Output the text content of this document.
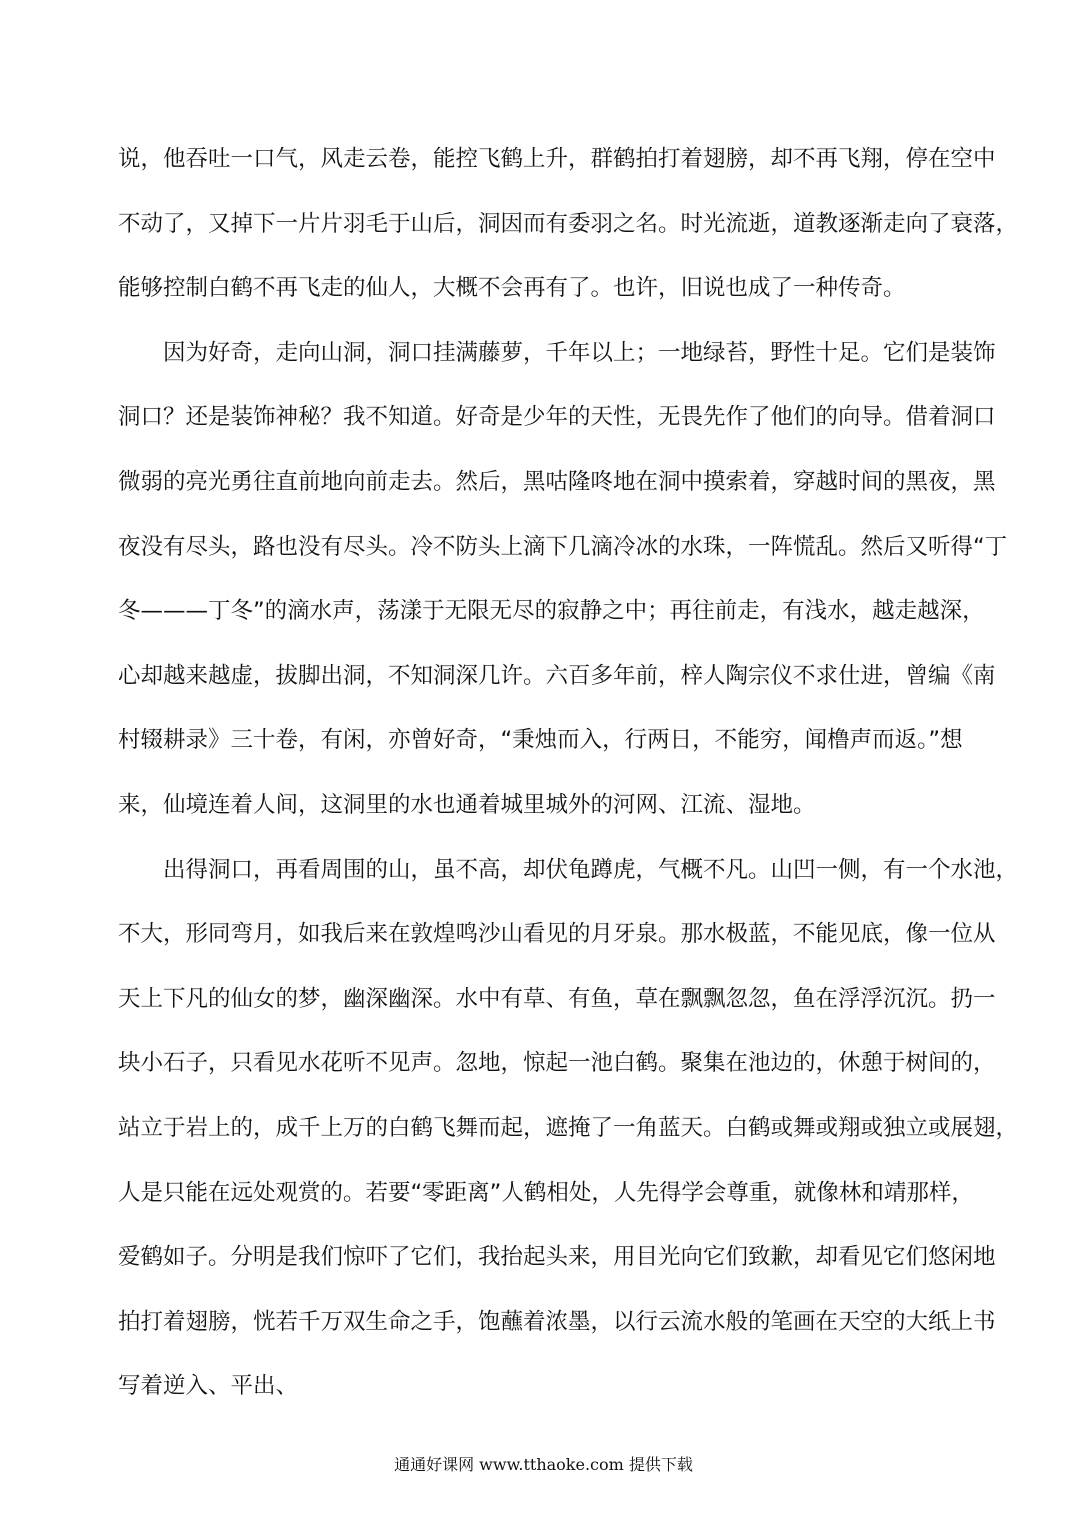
说，他吞吐一口气，风走云卷，能控飞鹤上升，群鹤拍打着翅膀，却不再飞翔，停在空中
不动了，又掉下一片片羽毛于山后，洞因而有委羽之名。时光流逝，道教逐渐走向了衰落，
能够控制白鹤不再飞走的仙人，大概不会再有了。也许，旧说也成了一种传奇。
　　因为好奇，走向山洞，洞口挂满藤萝，千年以上；一地绿苔，野性十足。它们是装饰
洞口？还是装饰神秘？我不知道。好奇是少年的天性，无畏先作了他们的向导。借着洞口
微弱的亮光勇往直前地向前走去。然后，黑咕隆咚地在洞中摸索着，穿越时间的黑夜，黑
夜没有尽头，路也没有尽头。冷不防头上滴下几滴冷冰的水珠，一阵慌乱。然后又听得“丁
冬———丁冬”的滴水声，荡漾于无限无尽的寂静之中；再往前走，有浅水，越走越深，
心却越来越虚，拔脚出洞，不知洞深几许。六百多年前，梓人陶宗仪不求仕进，曾编《南
村辍耕录》三十卷，有闲，亦曾好奇，“秉烛而入，行两日，不能穷，闻橹声而返。”想
来，仙境连着人间，这洞里的水也通着城里城外的河网、江流、湿地。
　　出得洞口，再看周围的山，虽不高，却伏龟蹲虎，气概不凡。山凹一侧，有一个水池，
不大，形同弯月，如我后来在敦煌鸣沙山看见的月牙泉。那水极蓝，不能见底，像一位从
天上下凡的仙女的梦，幽深幽深。水中有草、有鱼，草在飘飘忽忽，鱼在浮浮沉沉。扔一
块小石子，只看见水花听不见声。忽地，惊起一池白鹤。聚集在池边的，休憩于树间的，
站立于岩上的，成千上万的白鹤飞舞而起，遮掩了一角蓝天。白鹤或舞或翔或独立或展翅，
人是只能在远处观赏的。若要“零距离”人鹤相处，人先得学会尊重，就像林和靖那样，
爱鹤如子。分明是我们惊吓了它们，我抬起头来，用目光向它们致歉，却看见它们悠闲地
拍打着翅膀，恍若千万双生命之手，饱蘸着浓墨，以行云流水般的笔画在天空的大纸上书
写着逆入、平出、
通通好课网 www.tthaoke.com 提供下载
